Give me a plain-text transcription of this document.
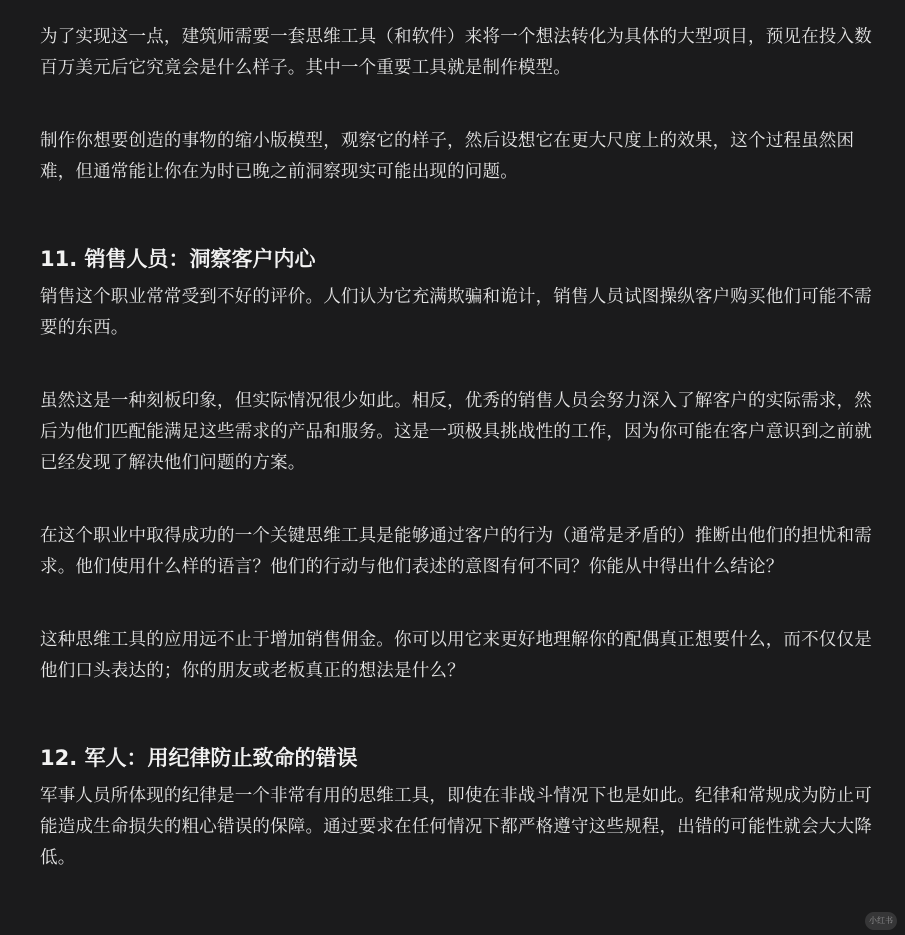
为了实现这一点，建筑师需要一套思维工具（和软件）来将一个想法转化为具体的大型项目，预见在投入数百万美元后它究竟会是什么样子。其中一个重要工具就是制作模型。

制作你想要创造的事物的缩小版模型，观察它的样子，然后设想它在更大尺度上的效果，这个过程虽然困难，但通常能让你在为时已晚之前洞察现实可能出现的问题。

11. 销售人员：洞察客户内心

销售这个职业常常受到不好的评价。人们认为它充满欺骗和诡计，销售人员试图操纵客户购买他们可能不需要的东西。

虽然这是一种刻板印象，但实际情况很少如此。相反，优秀的销售人员会努力深入了解客户的实际需求，然后为他们匹配能满足这些需求的产品和服务。这是一项极具挑战性的工作，因为你可能在客户意识到之前就已经发现了解决他们问题的方案。

在这个职业中取得成功的一个关键思维工具是能够通过客户的行为（通常是矛盾的）推断出他们的担忧和需求。他们使用什么样的语言？他们的行动与他们表述的意图有何不同？你能从中得出什么结论？

这种思维工具的应用远不止于增加销售佣金。你可以用它来更好地理解你的配偶真正想要什么，而不仅仅是他们口头表达的；你的朋友或老板真正的想法是什么？

12. 军人：用纪律防止致命的错误

军事人员所体现的纪律是一个非常有用的思维工具，即使在非战斗情况下也是如此。纪律和常规成为防止可能造成生命损失的粗心错误的保障。通过要求在任何情况下都严格遵守这些规程，出错的可能性就会大大降低。

小红书
